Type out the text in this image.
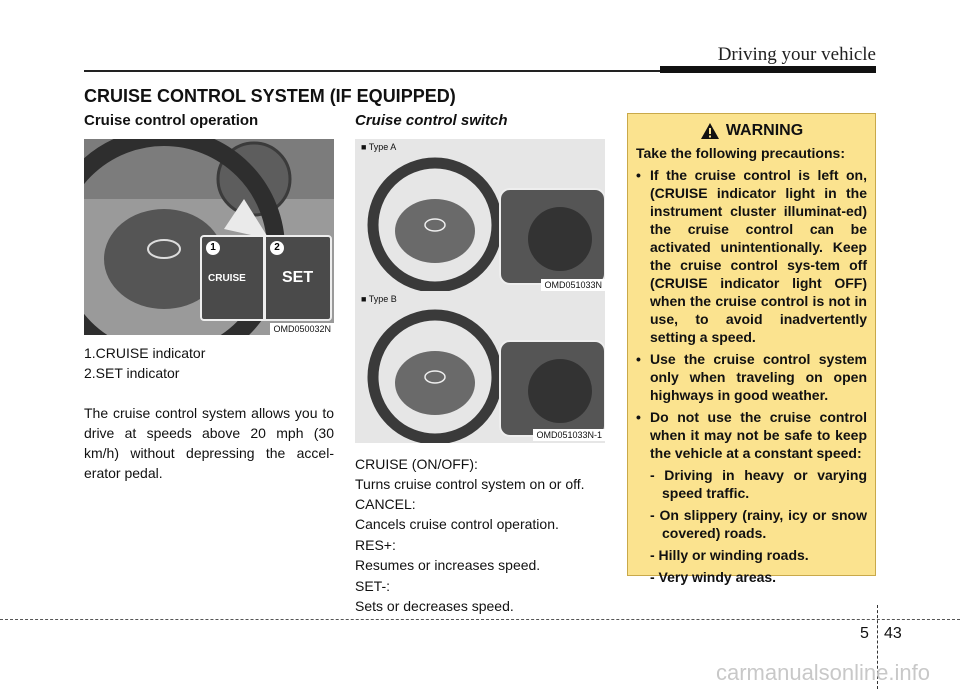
Driving your vehicle
CRUISE CONTROL SYSTEM (IF EQUIPPED)
Cruise control operation
1	2
CRUISE SET
OMD050032N
1.CRUISE indicator
2.SET indicator
The cruise control system allows you to drive at speeds above 20 mph (30 km/h) without depressing the accel-erator pedal.
Cruise control switch
■ Type A
OMD051033N
■ Type B
OMD051033N-1
CRUISE (ON/OFF):
Turns cruise control system on or off.
CANCEL:
Cancels cruise control operation.
RES+:
Resumes or increases speed.
SET-:
Sets or decreases speed.
WARNING
Take the following precautions:
• If the cruise control is left on, (CRUISE indicator light in the instrument cluster illuminat-ed) the cruise control can be activated unintentionally. Keep the cruise control sys-tem off (CRUISE indicator light OFF) when the cruise control is not in use, to avoid inadvertently setting a speed.
• Use the cruise control system only when traveling on open highways in good weather.
• Do not use the cruise control when it may not be safe to keep the vehicle at a constant speed:
- Driving in heavy or varying speed traffic.
- On slippery (rainy, icy or snow covered) roads.
- Hilly or winding roads.
- Very windy areas.
5 43
carmanualsonline.info
